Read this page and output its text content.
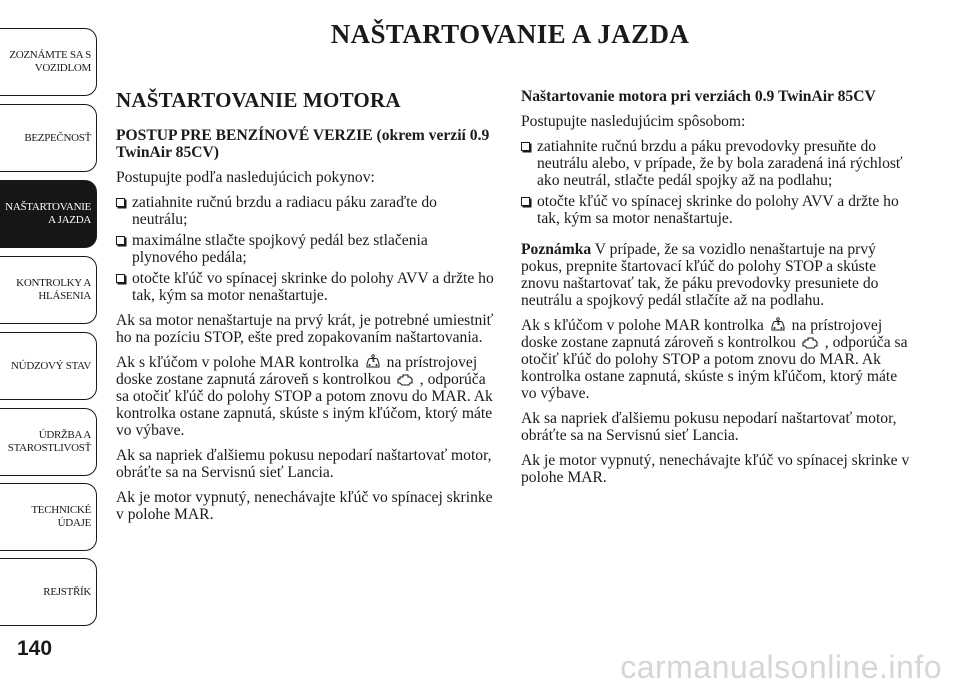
ZOZNÁMTE SA S
VOZIDLOM
BEZPEČNOSŤ
NAŠTARTOVANIE
A JAZDA
KONTROLKY A
HLÁSENIA
NÚDZOVÝ STAV
ÚDRŽBA A
STAROSTLIVOSŤ
TECHNICKÉ
ÚDAJE
REJSTŘÍK
140
NAŠTARTOVANIE A JAZDA
NAŠTARTOVANIE MOTORA
POSTUP PRE BENZÍNOVÉ VERZIE (okrem verzií 0.9 TwinAir 85CV)

Postupujte podľa nasledujúcich pokynov:

zatiahnite ručnú brzdu a radiacu páku zaraďte do neutrálu;
maximálne stlačte spojkový pedál bez stlačenia plynového pedála;
otočte kľúč vo spínacej skrinke do polohy AVV a držte ho tak, kým sa motor nenaštartuje.

Ak sa motor nenaštartuje na prvý krát, je potrebné umiestniť ho na pozíciu STOP, ešte pred zopakovaním naštartovania.

Ak s kľúčom v polohe MAR kontrolka na prístrojovej doske zostane zapnutá zároveň s kontrolkou , odporúča sa otočiť kľúč do polohy STOP a potom znovu do MAR. Ak kontrolka ostane zapnutá, skúste s iným kľúčom, ktorý máte vo výbave.

Ak sa napriek ďalšiemu pokusu nepodarí naštartovať motor, obráťte sa na Servisnú sieť Lancia.

Ak je motor vypnutý, nenechávajte kľúč vo spínacej skrinke v polohe MAR.

Naštartovanie motora pri verziách 0.9 TwinAir 85CV

Postupujte nasledujúcim spôsobom:

zatiahnite ručnú brzdu a páku prevodovky presuňte do neutrálu alebo, v prípade, že by bola zaradená iná rýchlosť ako neutrál, stlačte pedál spojky až na podlahu;
otočte kľúč vo spínacej skrinke do polohy AVV a držte ho tak, kým sa motor nenaštartuje.

Poznámka V prípade, že sa vozidlo nenaštartuje na prvý pokus, prepnite štartovací kľúč do polohy STOP a skúste znovu naštartovať tak, že páku prevodovky presuniete do neutrálu a spojkový pedál stlačíte až na podlahu.

Ak s kľúčom v polohe MAR kontrolka na prístrojovej doske zostane zapnutá zároveň s kontrolkou , odporúča sa otočiť kľúč do polohy STOP a potom znovu do MAR. Ak kontrolka ostane zapnutá, skúste s iným kľúčom, ktorý máte vo výbave.

Ak sa napriek ďalšiemu pokusu nepodarí naštartovať motor, obráťte sa na Servisnú sieť Lancia.

Ak je motor vypnutý, nenechávajte kľúč vo spínacej skrinke v polohe MAR.

carmanualsonline.info
